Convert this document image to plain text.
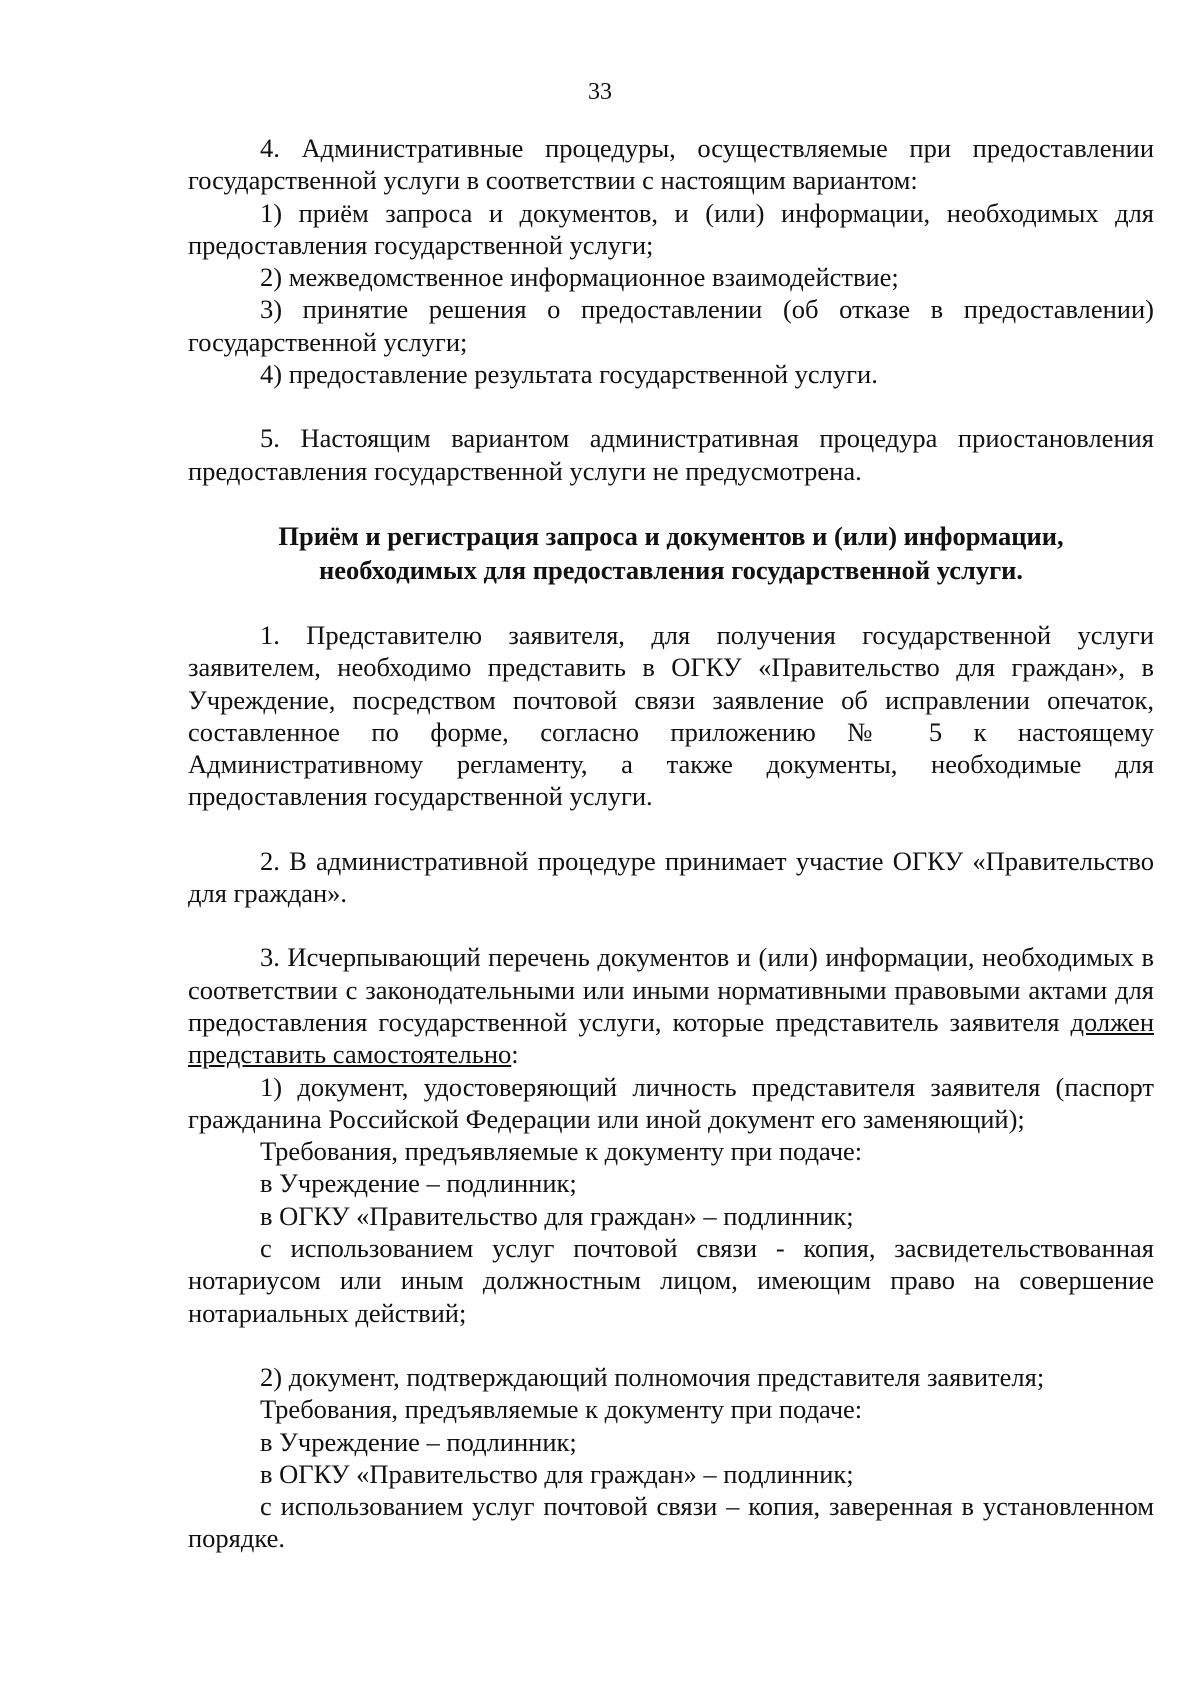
33

4. Административные процедуры, осуществляемые при предоставлении государственной услуги в соответствии с настоящим вариантом:

1) приём запроса и документов, и (или) информации, необходимых для предоставления государственной услуги;

2) межведомственное информационное взаимодействие;

3) принятие решения о предоставлении (об отказе в предоставлении) государственной услуги;

4) предоставление результата государственной услуги.

5. Настоящим вариантом административная процедура приостановления предоставления государственной услуги не предусмотрена.

Приём и регистрация запроса и документов и (или) информации,

необходимых для предоставления государственной услуги.

1. Представителю заявителя, для получения государственной услуги заявителем, необходимо представить в ОГКУ «Правительство для граждан», в Учреждение, посредством почтовой связи заявление об исправлении опечаток, составленное по форме, согласно приложению № 5 к настоящему Административному регламенту, а также документы, необходимые для предоставления государственной услуги.

2. В административной процедуре принимает участие ОГКУ «Правительство для граждан».

3. Исчерпывающий перечень документов и (или) информации, необходимых в соответствии с законодательными или иными нормативными правовыми актами для предоставления государственной услуги, которые представитель заявителя должен представить самостоятельно:

1) документ, удостоверяющий личность представителя заявителя (паспорт гражданина Российской Федерации или иной документ его заменяющий);

Требования, предъявляемые к документу при подаче:

в Учреждение – подлинник;

в ОГКУ «Правительство для граждан» – подлинник;

с использованием услуг почтовой связи - копия, засвидетельствованная нотариусом или иным должностным лицом, имеющим право на совершение нотариальных действий;

2) документ, подтверждающий полномочия представителя заявителя;

Требования, предъявляемые к документу при подаче:

в Учреждение – подлинник;

в ОГКУ «Правительство для граждан» – подлинник;

с использованием услуг почтовой связи – копия, заверенная в установленном порядке.
